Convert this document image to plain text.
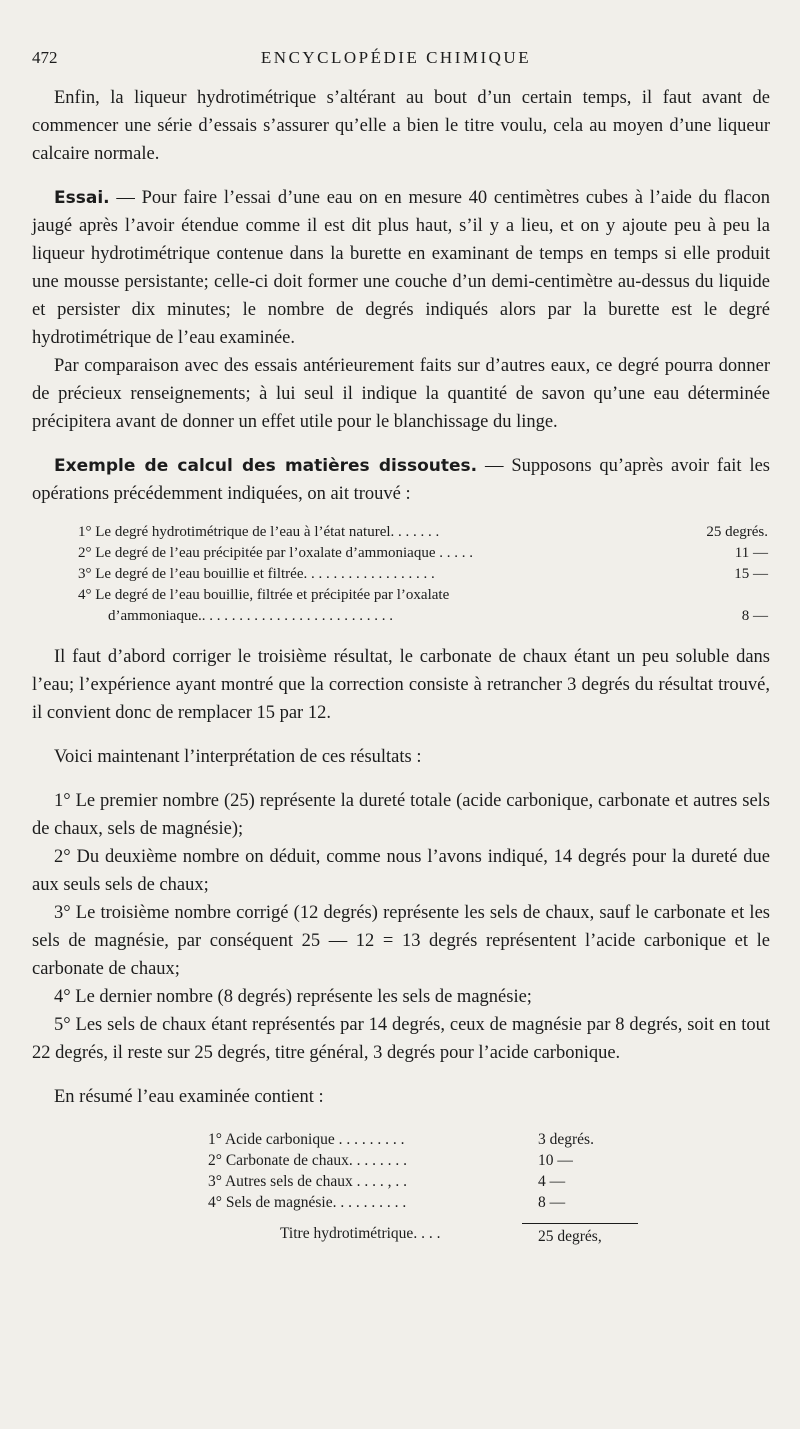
472	ENCYCLOPÉDIE CHIMIQUE

Enfin, la liqueur hydrotimétrique s’altérant au bout d’un certain temps, il faut avant de commencer une série d’essais s’assurer qu’elle a bien le titre voulu, cela au moyen d’une liqueur calcaire normale.

Essai. — Pour faire l’essai d’une eau on en mesure 40 centimètres cubes à l’aide du flacon jaugé après l’avoir étendue comme il est dit plus haut, s’il y a lieu, et on y ajoute peu à peu la liqueur hydrotimétrique contenue dans la burette en examinant de temps en temps si elle produit une mousse persistante; celle-ci doit former une couche d’un demi-centimètre au-dessus du liquide et persister dix minutes; le nombre de degrés indiqués alors par la burette est le degré hydrotimétrique de l’eau examinée.

Par comparaison avec des essais antérieurement faits sur d’autres eaux, ce degré pourra donner de précieux renseignements; à lui seul il indique la quantité de savon qu’une eau déterminée précipitera avant de donner un effet utile pour le blanchissage du linge.

Exemple de calcul des matières dissoutes. — Supposons qu’après avoir fait les opérations précédemment indiquées, on ait trouvé :

1° Le degré hydrotimétrique de l’eau à l’état naturel. . . . . . .	25 degrés.
2° Le degré de l’eau précipitée par l’oxalate d’ammoniaque . . . . .	11 —
3° Le degré de l’eau bouillie et filtrée. . . . . . . . . . . . . . . . . .	15 —
4° Le degré de l’eau bouillie, filtrée et précipitée par l’oxalate
d’ammoniaque.. . . . . . . . . . . . . . . . . . . . . . . . . .	8 —

Il faut d’abord corriger le troisième résultat, le carbonate de chaux étant un peu soluble dans l’eau; l’expérience ayant montré que la correction consiste à retrancher 3 degrés du résultat trouvé, il convient donc de remplacer 15 par 12.

Voici maintenant l’interprétation de ces résultats :

1° Le premier nombre (25) représente la dureté totale (acide carbonique, carbonate et autres sels de chaux, sels de magnésie);

2° Du deuxième nombre on déduit, comme nous l’avons indiqué, 14 degrés pour la dureté due aux seuls sels de chaux;

3° Le troisième nombre corrigé (12 degrés) représente les sels de chaux, sauf le carbonate et les sels de magnésie, par conséquent 25 — 12 = 13 degrés représentent l’acide carbonique et le carbonate de chaux;

4° Le dernier nombre (8 degrés) représente les sels de magnésie;

5° Les sels de chaux étant représentés par 14 degrés, ceux de magnésie par 8 degrés, soit en tout 22 degrés, il reste sur 25 degrés, titre général, 3 degrés pour l’acide carbonique.

En résumé l’eau examinée contient :

1° Acide carbonique . . . . . . . . .	3 degrés.
2° Carbonate de chaux. . . . . . . .	10 —
3° Autres sels de chaux . . . . , . .	4 —
4° Sels de magnésie. . . . . . . . . .	8 —
Titre hydrotimétrique. . . .	25 degrés,
